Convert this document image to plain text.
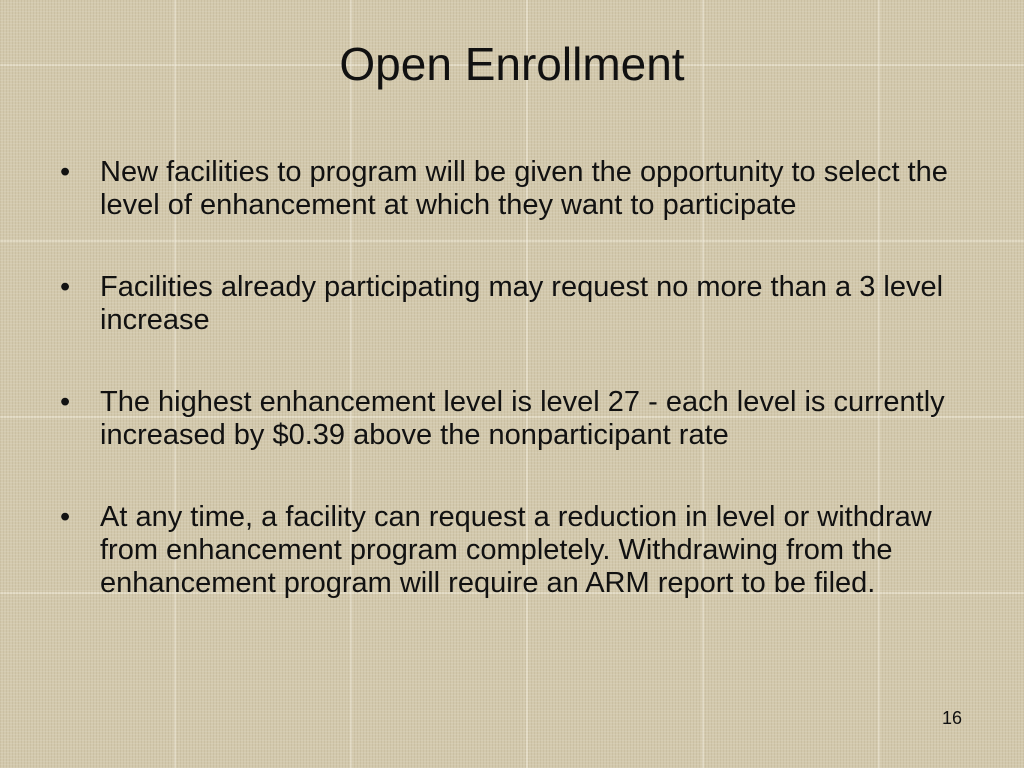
Open Enrollment
• New facilities to program will be given the opportunity to select the level of enhancement at which they want to participate
• Facilities already participating may request no more than a 3 level increase
• The highest enhancement level is level 27 - each level is currently increased by $0.39 above the nonparticipant rate
• At any time, a facility can request a reduction in level or withdraw from enhancement program completely. Withdrawing from the enhancement program will require an ARM report to be filed.
16
